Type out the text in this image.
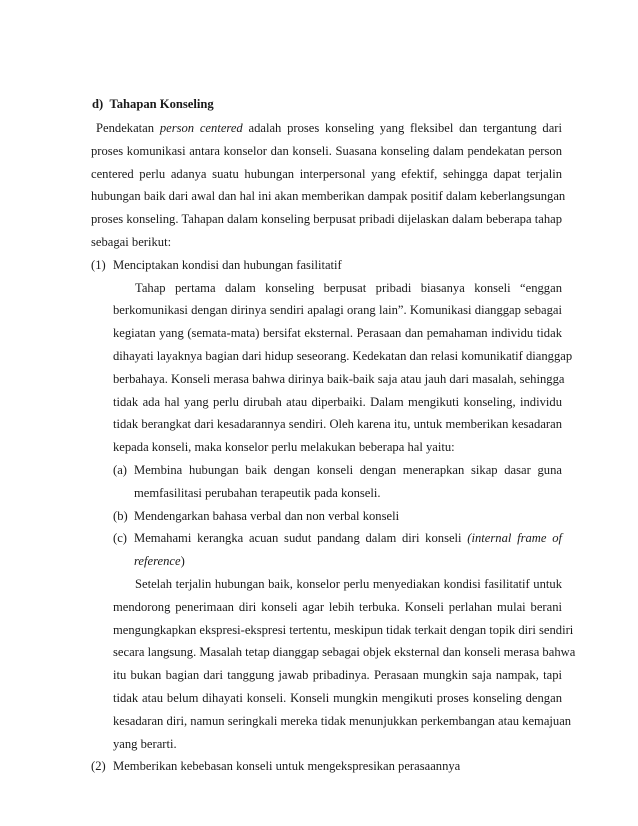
d)  Tahapan Konseling
Pendekatan person centered adalah proses konseling yang fleksibel dan tergantung dari
proses komunikasi antara konselor dan konseli. Suasana konseling dalam pendekatan person
centered perlu adanya suatu hubungan interpersonal yang efektif, sehingga dapat terjalin
hubungan baik dari awal dan hal ini akan memberikan dampak positif dalam keberlangsungan
proses konseling. Tahapan dalam konseling berpusat pribadi dijelaskan dalam beberapa tahap
sebagai berikut:
(1) Menciptakan kondisi dan hubungan fasilitatif
Tahap pertama dalam konseling berpusat pribadi biasanya konseli “enggan
berkomunikasi dengan dirinya sendiri apalagi orang lain”. Komunikasi dianggap sebagai
kegiatan yang (semata-mata) bersifat eksternal. Perasaan dan pemahaman individu tidak
dihayati layaknya bagian dari hidup seseorang. Kedekatan dan relasi komunikatif dianggap
berbahaya. Konseli merasa bahwa dirinya baik-baik saja atau jauh dari masalah, sehingga
tidak ada hal yang perlu dirubah atau diperbaiki. Dalam mengikuti konseling, individu
tidak berangkat dari kesadarannya sendiri. Oleh karena itu, untuk memberikan kesadaran
kepada konseli, maka konselor perlu melakukan beberapa hal yaitu:
(a) Membina hubungan baik dengan konseli dengan menerapkan sikap dasar guna
memfasilitasi perubahan terapeutik pada konseli.
(b) Mendengarkan bahasa verbal dan non verbal konseli
(c) Memahami kerangka acuan sudut pandang dalam diri konseli (internal frame of
reference)
Setelah terjalin hubungan baik, konselor perlu menyediakan kondisi fasilitatif untuk
mendorong penerimaan diri konseli agar lebih terbuka. Konseli perlahan mulai berani
mengungkapkan ekspresi-ekspresi tertentu, meskipun tidak terkait dengan topik diri sendiri
secara langsung. Masalah tetap dianggap sebagai objek eksternal dan konseli merasa bahwa
itu bukan bagian dari tanggung jawab pribadinya. Perasaan mungkin saja nampak, tapi
tidak atau belum dihayati konseli. Konseli mungkin mengikuti proses konseling dengan
kesadaran diri, namun seringkali mereka tidak menunjukkan perkembangan atau kemajuan
yang berarti.
(2) Memberikan kebebasan konseli untuk mengekspresikan perasaannya
